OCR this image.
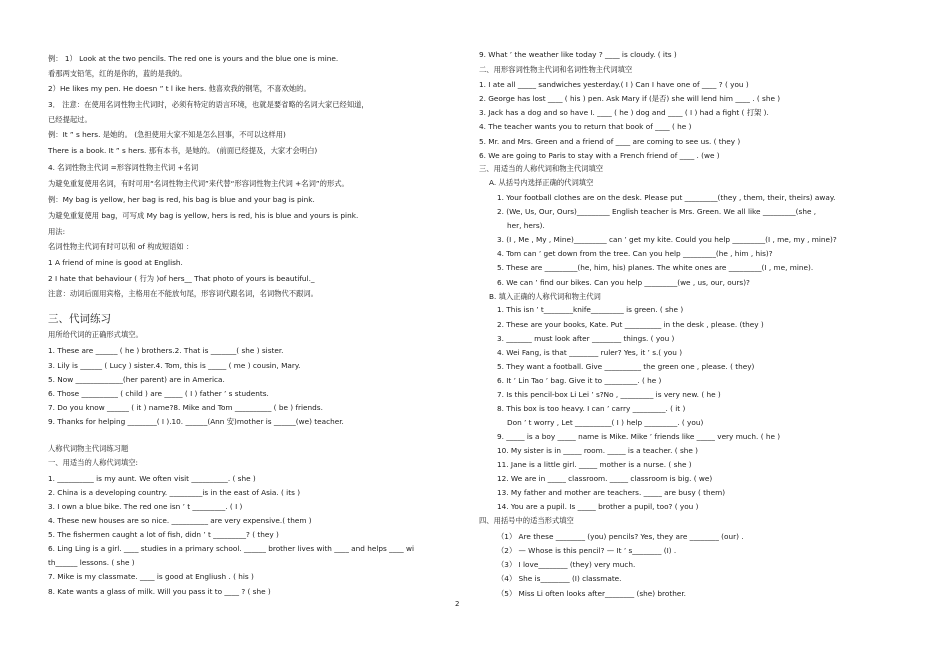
例： 1） Look at the two pencils. The red one is yours and the blue one is mine.
看那两支铅笔，红的是你的，蓝的是我的。
2）He likes my pen. He doesn ” t l ike hers. 他喜欢我的钢笔，不喜欢她的。
3． 注意：在使用名词性物主代词时，必须有特定的语言环境，也就是要省略的名词大家已经知道，
已经提起过。
例：It ” s hers. 是她的。 (急担使用大家不知是怎么回事，不可以这样用)
There is a book. It ” s hers. 那有本书，是她的。 (前面已经提及，大家才会明白)
4. 名词性物主代词 =形容词性物主代词 +名词
为避免重复使用名词，有时可用“名词性物主代词”来代替“形容词性物主代词 +名词”的形式。
例：My bag is yellow, her bag is red, his bag is blue and your bag is pink.
为避免重复使用 bag，可写成 My bag is yellow, hers is red, his is blue and yours is pink.
用法:
名词性物主代词有时可以和 of 构成短语如 ：
1 A friend of mine is good at English.
2 I hate that behaviour ( 行为 )of hers__ That photo of yours is beautiful._
注意：动词后面用宾格，主格用在不能放句尾，形容词代跟名词，名词物代不跟词。
三、代词练习
用所给代词的正确形式填空。
1. These are ______ ( he ) brothers.2. That is _______( she ) sister.
3. Lily is ______ ( Lucy ) sister.4. Tom, this is _____ ( me ) cousin, Mary.
5. Now _____________(her parent) are in America.
6. Those __________ ( child ) are _____ ( I ) father ’ s students.
7. Do you know ______ ( it ) name?8. Mike and Tom __________ ( be ) friends.
9. Thanks for helping ________( I ).10. ______(Ann 安)mother is ______(we) teacher.
人称代词物主代词练习题
一、用适当的人称代词填空:
1. __________ is my aunt. We often visit __________. ( she )
2. China is a developing country. _________is in the east of Asia. ( its )
3. I own a blue bike. The red one isn ’ t _________. ( I )
4. These new houses are so nice. __________ are very expensive.( them )
5. The fishermen caught a lot of fish, didn ’ t _________? ( they )
6. Ling Ling is a girl. ____ studies in a primary school. ______ brother lives with ____ and helps ____ wi
th______ lessons. ( she )
7. Mike is my classmate. ____ is good at Engliush . ( his )
8. Kate wants a glass of milk. Will you pass it to ____ ? ( she )
9. What ’ the weather like today ? ____ is cloudy. ( its )
二、用形容词性物主代词和名词性物主代词填空
1. I ate all _____ sandwiches yesterday.( I ) Can I have one of ____ ? ( you )
2. George has lost ____ ( his ) pen. Ask Mary if (是否) she will lend him ____ . ( she )
3. Jack has a dog and so have I. ____ ( he ) dog and ____ ( I ) had a fight ( 打架 ).
4. The teacher wants you to return that book of ____ ( he )
5. Mr. and Mrs. Green and a friend of ____ are coming to see us. ( they )
6. We are going to Paris to stay with a French friend of ____ . (we )
三、用适当的人称代词和物主代词填空
A. 从括号内选择正确的代词填空
1. Your football clothes are on the desk. Please put _________(they , them, their, theirs) away.
2. (We, Us, Our, Ours)_________ English teacher is Mrs. Green. We all like _________(she ,
her, hers).
3. (I , Me , My , Mine)_________ can ’ get my kite. Could you help _________(I , me, my , mine)?
4. Tom can ’ get down from the tree. Can you help _________(he , him , his)?
5. These are _________(he, him, his) planes. The white ones are _________(I , me, mine).
6. We can ’ find our bikes. Can you help _________(we , us, our, ours)?
B. 填入正确的人称代词和物主代词
1. This isn ’ t________knife_________ is green. ( she )
2. These are your books, Kate. Put __________ in the desk , please. (they )
3. _______ must look after ________ things. ( you )
4. Wei Fang, is that ________ ruler? Yes, it ’ s.( you )
5. They want a football. Give __________ the green one , please. ( they)
6. It ’ Lin Tao ’ bag. Give it to _________. ( he )
7. Is this pencil-box Li Lei ’ s?No , _________ is very new. ( he )
8. This box is too heavy. I can ’ carry _________. ( it )
Don ’ t worry , Let __________( I ) help _________. ( you)
9. _____ is a boy _____ name is Mike. Mike ’ friends like _____ very much. ( he )
10. My sister is in _____ room. _____ is a teacher. ( she )
11. Jane is a little girl. _____ mother is a nurse. ( she )
12. We are in _____ classroom. _____ classroom is big. ( we)
13. My father and mother are teachers. _____ are busy ( them)
14. You are a pupil. Is _____ brother a pupil, too? ( you )
四、用括号中的适当形式填空
（1） Are these ________ (you) pencils? Yes, they are ________ (our) .
（2） — Whose is this pencil? — It ’ s________ (I) .
（3） I love________ (they) very much.
（4） She is________ (I) classmate.
（5） Miss Li often looks after________ (she) brother.
2
